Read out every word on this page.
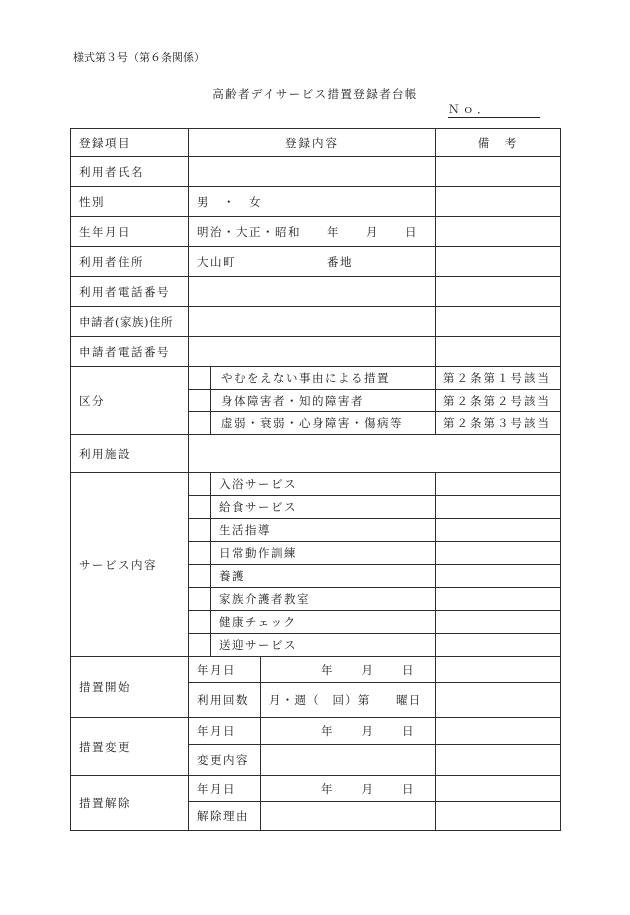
様式第３号（第６条関係）
高齢者デイサービス措置登録者台帳
Ｎｏ．
登録項目	登録内容			備　考
利用者氏名				
性別	男　・　女			
生年月日	明治・大正・昭和　　年　　月　　日			
利用者住所	大山町　　　　　　　番地			
利用者電話番号				
申請者(家族)住所				
申請者電話番号				
区分		やむをえない事由による措置		第２条第１号該当
		身体障害者・知的障害者		第２条第２号該当
		虚弱・衰弱・心身障害・傷病等		第２条第３号該当
利用施設				
サービス内容		入浴サービス		
		給食サービス		
		生活指導		
		日常動作訓練		
		養護		
		家族介護者教室		
		健康チェック		
		送迎サービス		
措置開始	年月日		年　　月　　日	
	利用回数		月・週（　回）第　　曜日	
措置変更	年月日		年　　月　　日	
	変更内容			
措置解除	年月日		年　　月　　日	
	解除理由			
